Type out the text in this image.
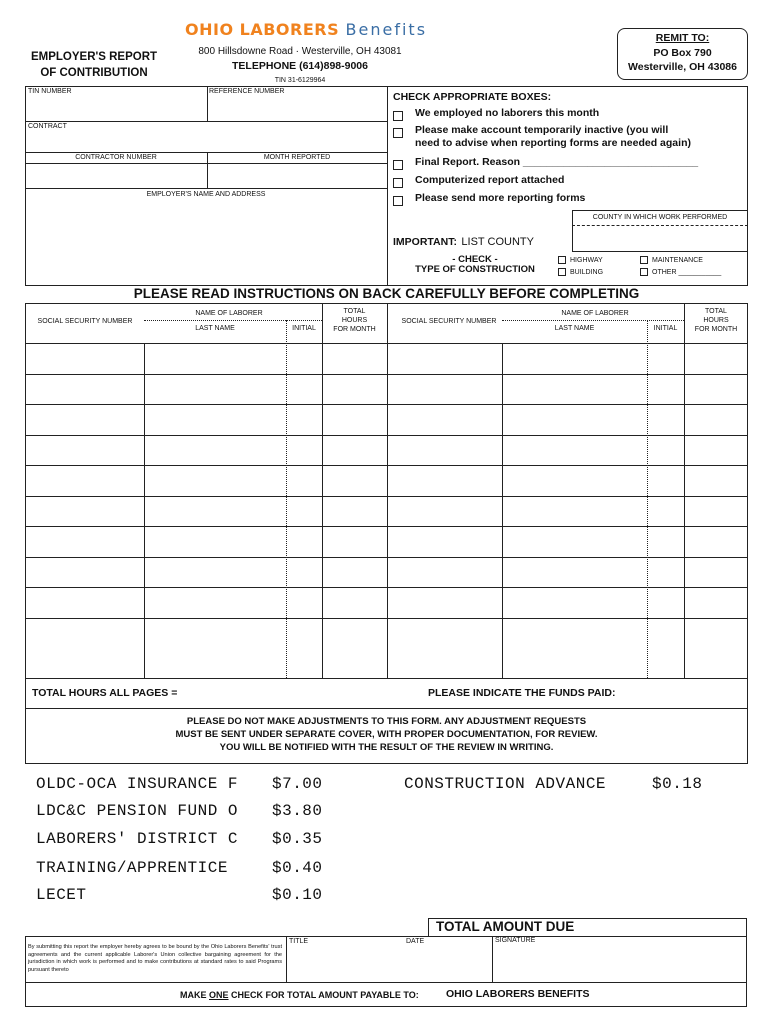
OHIO LABORERS Benefits
800 Hillsdowne Road · Westerville, OH 43081
TELEPHONE (614)898-9006
TIN 31-6129964
EMPLOYER'S REPORT
OF CONTRIBUTION
REMIT TO:
PO Box 790
Westerville, OH 43086
TIN NUMBER	REFERENCE NUMBER
CONTRACT
CONTRACTOR NUMBER	MONTH REPORTED
EMPLOYER'S NAME AND ADDRESS
CHECK APPROPRIATE BOXES:
We employed no laborers this month
Please make account temporarily inactive (you will
need to advise when reporting forms are needed again)
Final Report. Reason ______________________________
Computerized report attached
Please send more reporting forms
COUNTY IN WHICH WORK PERFORMED
IMPORTANT: LIST COUNTY
- CHECK -
TYPE OF CONSTRUCTION
HIGHWAY
BUILDING
MAINTENANCE
OTHER ___________
PLEASE READ INSTRUCTIONS ON BACK CAREFULLY BEFORE COMPLETING
SOCIAL SECURITY NUMBER
NAME OF LABORER
LAST NAME	INITIAL
TOTAL
HOURS
FOR MONTH
SOCIAL SECURITY NUMBER
NAME OF LABORER
LAST NAME	INITIAL
TOTAL
HOURS
FOR MONTH
TOTAL HOURS ALL PAGES =	PLEASE INDICATE THE FUNDS PAID:
PLEASE DO NOT MAKE ADJUSTMENTS TO THIS FORM. ANY ADJUSTMENT REQUESTS
MUST BE SENT UNDER SEPARATE COVER, WITH PROPER DOCUMENTATION, FOR REVIEW.
YOU WILL BE NOTIFIED WITH THE RESULT OF THE REVIEW IN WRITING.
OLDC-OCA INSURANCE F $7.00
LDC&C PENSION FUND O $3.80
LABORERS' DISTRICT C $0.35
TRAINING/APPRENTICE	$0.40
LECET	$0.10
CONSTRUCTION ADVANCE	$0.18
TOTAL AMOUNT DUE
By submitting this report the employer hereby agrees to be bound by the Ohio Laborers Benefits' trust agreements and the current applicable Laborer's Union collective bargaining agreement for the jurisdiction in which work is performed and to make contributions at standard rates to said Programs pursuant thereto
TITLE	DATE	SIGNATURE
MAKE ONE CHECK FOR TOTAL AMOUNT PAYABLE TO:	OHIO LABORERS BENEFITS
